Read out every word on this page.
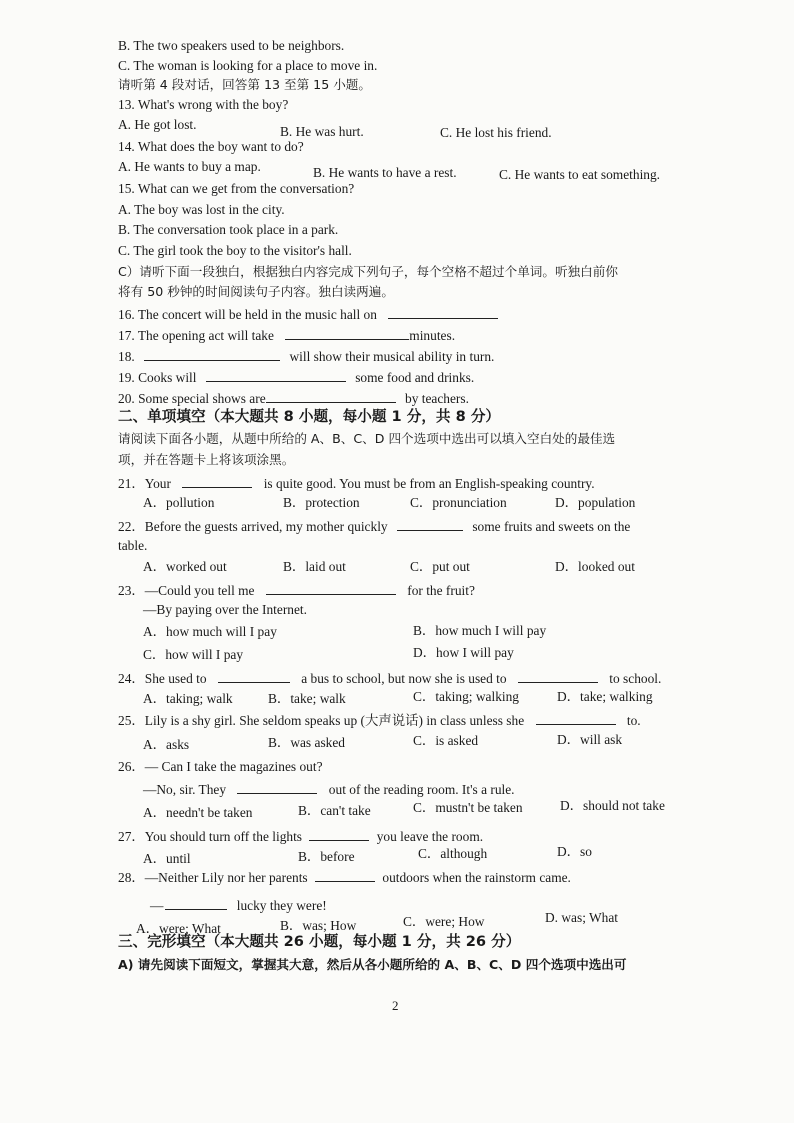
B. The two speakers used to be neighbors.
C. The woman is looking for a place to move in.
请听第 4 段对话，回答第 13 至第 15 小题。
13. What's wrong with the boy?
A. He got lost.	B. He was hurt.	C. He lost his friend.
14. What does the boy want to do?
A. He wants to buy a map.	B. He wants to have a rest.	C. He wants to eat something.
15. What can we get from the conversation?
A. The boy was lost in the city.
B. The conversation took place in a park.
C. The girl took the boy to the visitor's hall.
C）请听下面一段独白，根据独白内容完成下列句子，每个空格不超过个单词。听独白前你
将有 50 秒钟的时间阅读句子内容。独白读两遍。
16. The concert will be held in the music hall on
17. The opening act will take	minutes.
18.	will show their musical ability in turn.
19. Cooks will	some food and drinks.
20. Some special shows are	by teachers.
二、单项填空（本大题共 8 小题，每小题 1 分，共 8 分）
请阅读下面各小题，从题中所给的 A、B、C、D 四个选项中选出可以填入空白处的最佳选
项，并在答题卡上将该项涂黑。
21．Your	is quite good. You must be from an English-speaking country.
A．pollution	B．protection	C．pronunciation	D．population
22．Before the guests arrived, my mother quickly	some fruits and sweets on the
table.
A．worked out	B．laid out	C．put out	D．looked out
23．—Could you tell me	for the fruit?
—By paying over the Internet.
A．how much will I pay	B．how much I will pay
C．how will I pay	D．how I will pay
24．She used to	a bus to school, but now she is used to	to school.
A．taking; walk	B．take; walk	C．taking; walking	D．take; walking
25．Lily is a shy girl. She seldom speaks up (大声说话) in class unless she	to.
A．asks	B．was asked	C．is asked	D．will ask
26．— Can I take the magazines out?
—No, sir. They	out of the reading room. It's a rule.
A．needn't be taken	B．can't take	C．mustn't be taken	D．should not take
27．You should turn off the lights	you leave the room.
A．until	B．before	C．although	D．so
28．—Neither Lily nor her parents	outdoors when the rainstorm came.
—	lucky they were!
A．were; What	B．was; How	C．were; How	D. was; What
三、完形填空（本大题共 26 小题，每小题 1 分，共 26 分）
A) 请先阅读下面短文，掌握其大意，然后从各小题所给的 A、B、C、D 四个选项中选出可
2
